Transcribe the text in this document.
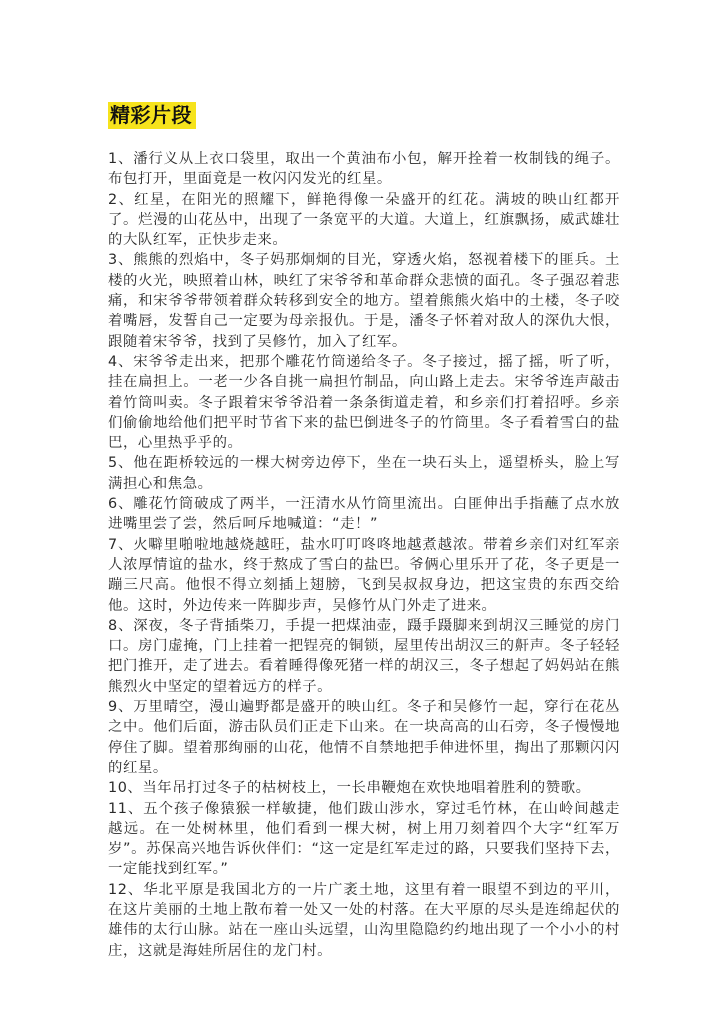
精彩片段

1、潘行义从上衣口袋里，取出一个黄油布小包，解开拴着一枚制钱的绳子。布包打开，里面竟是一枚闪闪发光的红星。

2、红星，在阳光的照耀下，鲜艳得像一朵盛开的红花。满坡的映山红都开了。烂漫的山花丛中，出现了一条宽平的大道。大道上，红旗飘扬，威武雄壮的大队红军，正快步走来。

3、熊熊的烈焰中，冬子妈那炯炯的目光，穿透火焰，怒视着楼下的匪兵。土楼的火光，映照着山林，映红了宋爷爷和革命群众悲愤的面孔。冬子强忍着悲痛，和宋爷爷带领着群众转移到安全的地方。望着熊熊火焰中的土楼，冬子咬着嘴唇，发誓自己一定要为母亲报仇。于是，潘冬子怀着对敌人的深仇大恨，跟随着宋爷爷，找到了吴修竹，加入了红军。

4、宋爷爷走出来，把那个雕花竹筒递给冬子。冬子接过，摇了摇，听了听，挂在扁担上。一老一少各自挑一扁担竹制品，向山路上走去。宋爷爷连声敲击着竹筒叫卖。冬子跟着宋爷爷沿着一条条街道走着，和乡亲们打着招呼。乡亲们偷偷地给他们把平时节省下来的盐巴倒进冬子的竹筒里。冬子看着雪白的盐巴，心里热乎乎的。

5、他在距桥较远的一棵大树旁边停下，坐在一块石头上，遥望桥头，脸上写满担心和焦急。

6、雕花竹筒破成了两半，一汪清水从竹筒里流出。白匪伸出手指蘸了点水放进嘴里尝了尝，然后呵斥地喊道：“走！”

7、火噼里啪啦地越烧越旺，盐水叮叮咚咚地越煮越浓。带着乡亲们对红军亲人浓厚情谊的盐水，终于熬成了雪白的盐巴。爷俩心里乐开了花，冬子更是一蹦三尺高。他恨不得立刻插上翅膀，飞到吴叔叔身边，把这宝贵的东西交给他。这时，外边传来一阵脚步声，吴修竹从门外走了进来。

8、深夜，冬子背插柴刀，手提一把煤油壶，蹑手蹑脚来到胡汉三睡觉的房门口。房门虚掩，门上挂着一把锃亮的铜锁，屋里传出胡汉三的鼾声。冬子轻轻把门推开，走了进去。看着睡得像死猪一样的胡汉三，冬子想起了妈妈站在熊熊烈火中坚定的望着远方的样子。

9、万里晴空，漫山遍野都是盛开的映山红。冬子和吴修竹一起，穿行在花丛之中。他们后面，游击队员们正走下山来。在一块高高的山石旁，冬子慢慢地停住了脚。望着那绚丽的山花，他情不自禁地把手伸进怀里，掏出了那颗闪闪的红星。

10、当年吊打过冬子的枯树枝上，一长串鞭炮在欢快地唱着胜利的赞歌。

11、五个孩子像猿猴一样敏捷，他们跋山涉水，穿过毛竹林，在山岭间越走越远。在一处树林里，他们看到一棵大树，树上用刀刻着四个大字“红军万岁”。苏保高兴地告诉伙伴们：“这一定是红军走过的路，只要我们坚持下去，一定能找到红军。”

12、华北平原是我国北方的一片广袤土地，这里有着一眼望不到边的平川，在这片美丽的土地上散布着一处又一处的村落。在大平原的尽头是连绵起伏的雄伟的太行山脉。站在一座山头远望，山沟里隐隐约约地出现了一个小小的村庄，这就是海娃所居住的龙门村。
